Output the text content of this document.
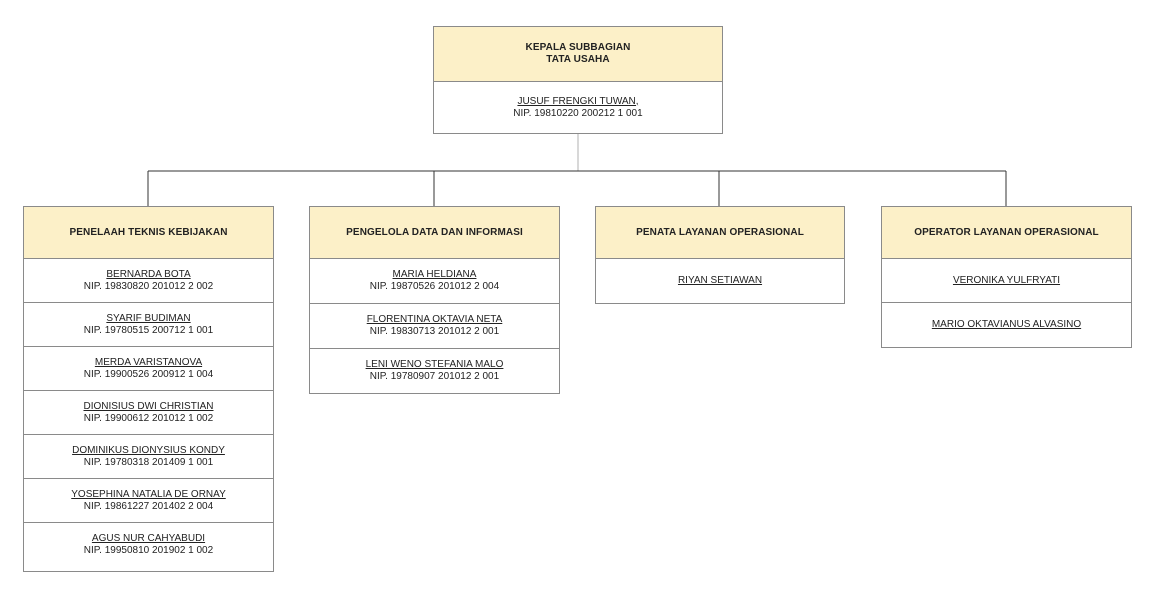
KEPALA SUBBAGIAN
TATA USAHA
JUSUF FRENGKI TUWAN,
NIP. 19810220 200212 1 001
PENELAAH TEKNIS KEBIJAKAN
BERNARDA BOTA
NIP. 19830820 201012 2 002
SYARIF BUDIMAN
NIP. 19780515 200712 1 001
MERDA VARISTANOVA
NIP. 19900526 200912 1 004
DIONISIUS DWI CHRISTIAN
NIP. 19900612 201012 1 002
DOMINIKUS DIONYSIUS KONDY
NIP. 19780318 201409 1 001
YOSEPHINA NATALIA DE ORNAY
NIP. 19861227 201402 2 004
AGUS NUR CAHYABUDI
NIP. 19950810 201902 1 002
PENGELOLA DATA DAN INFORMASI
MARIA HELDIANA
NIP. 19870526 201012 2 004
FLORENTINA OKTAVIA NETA
NIP. 19830713 201012 2 001
LENI WENO STEFANIA MALO
NIP. 19780907 201012 2 001
PENATA LAYANAN OPERASIONAL
RIYAN SETIAWAN
OPERATOR LAYANAN OPERASIONAL
VERONIKA YULFRYATI
MARIO OKTAVIANUS ALVASINO
